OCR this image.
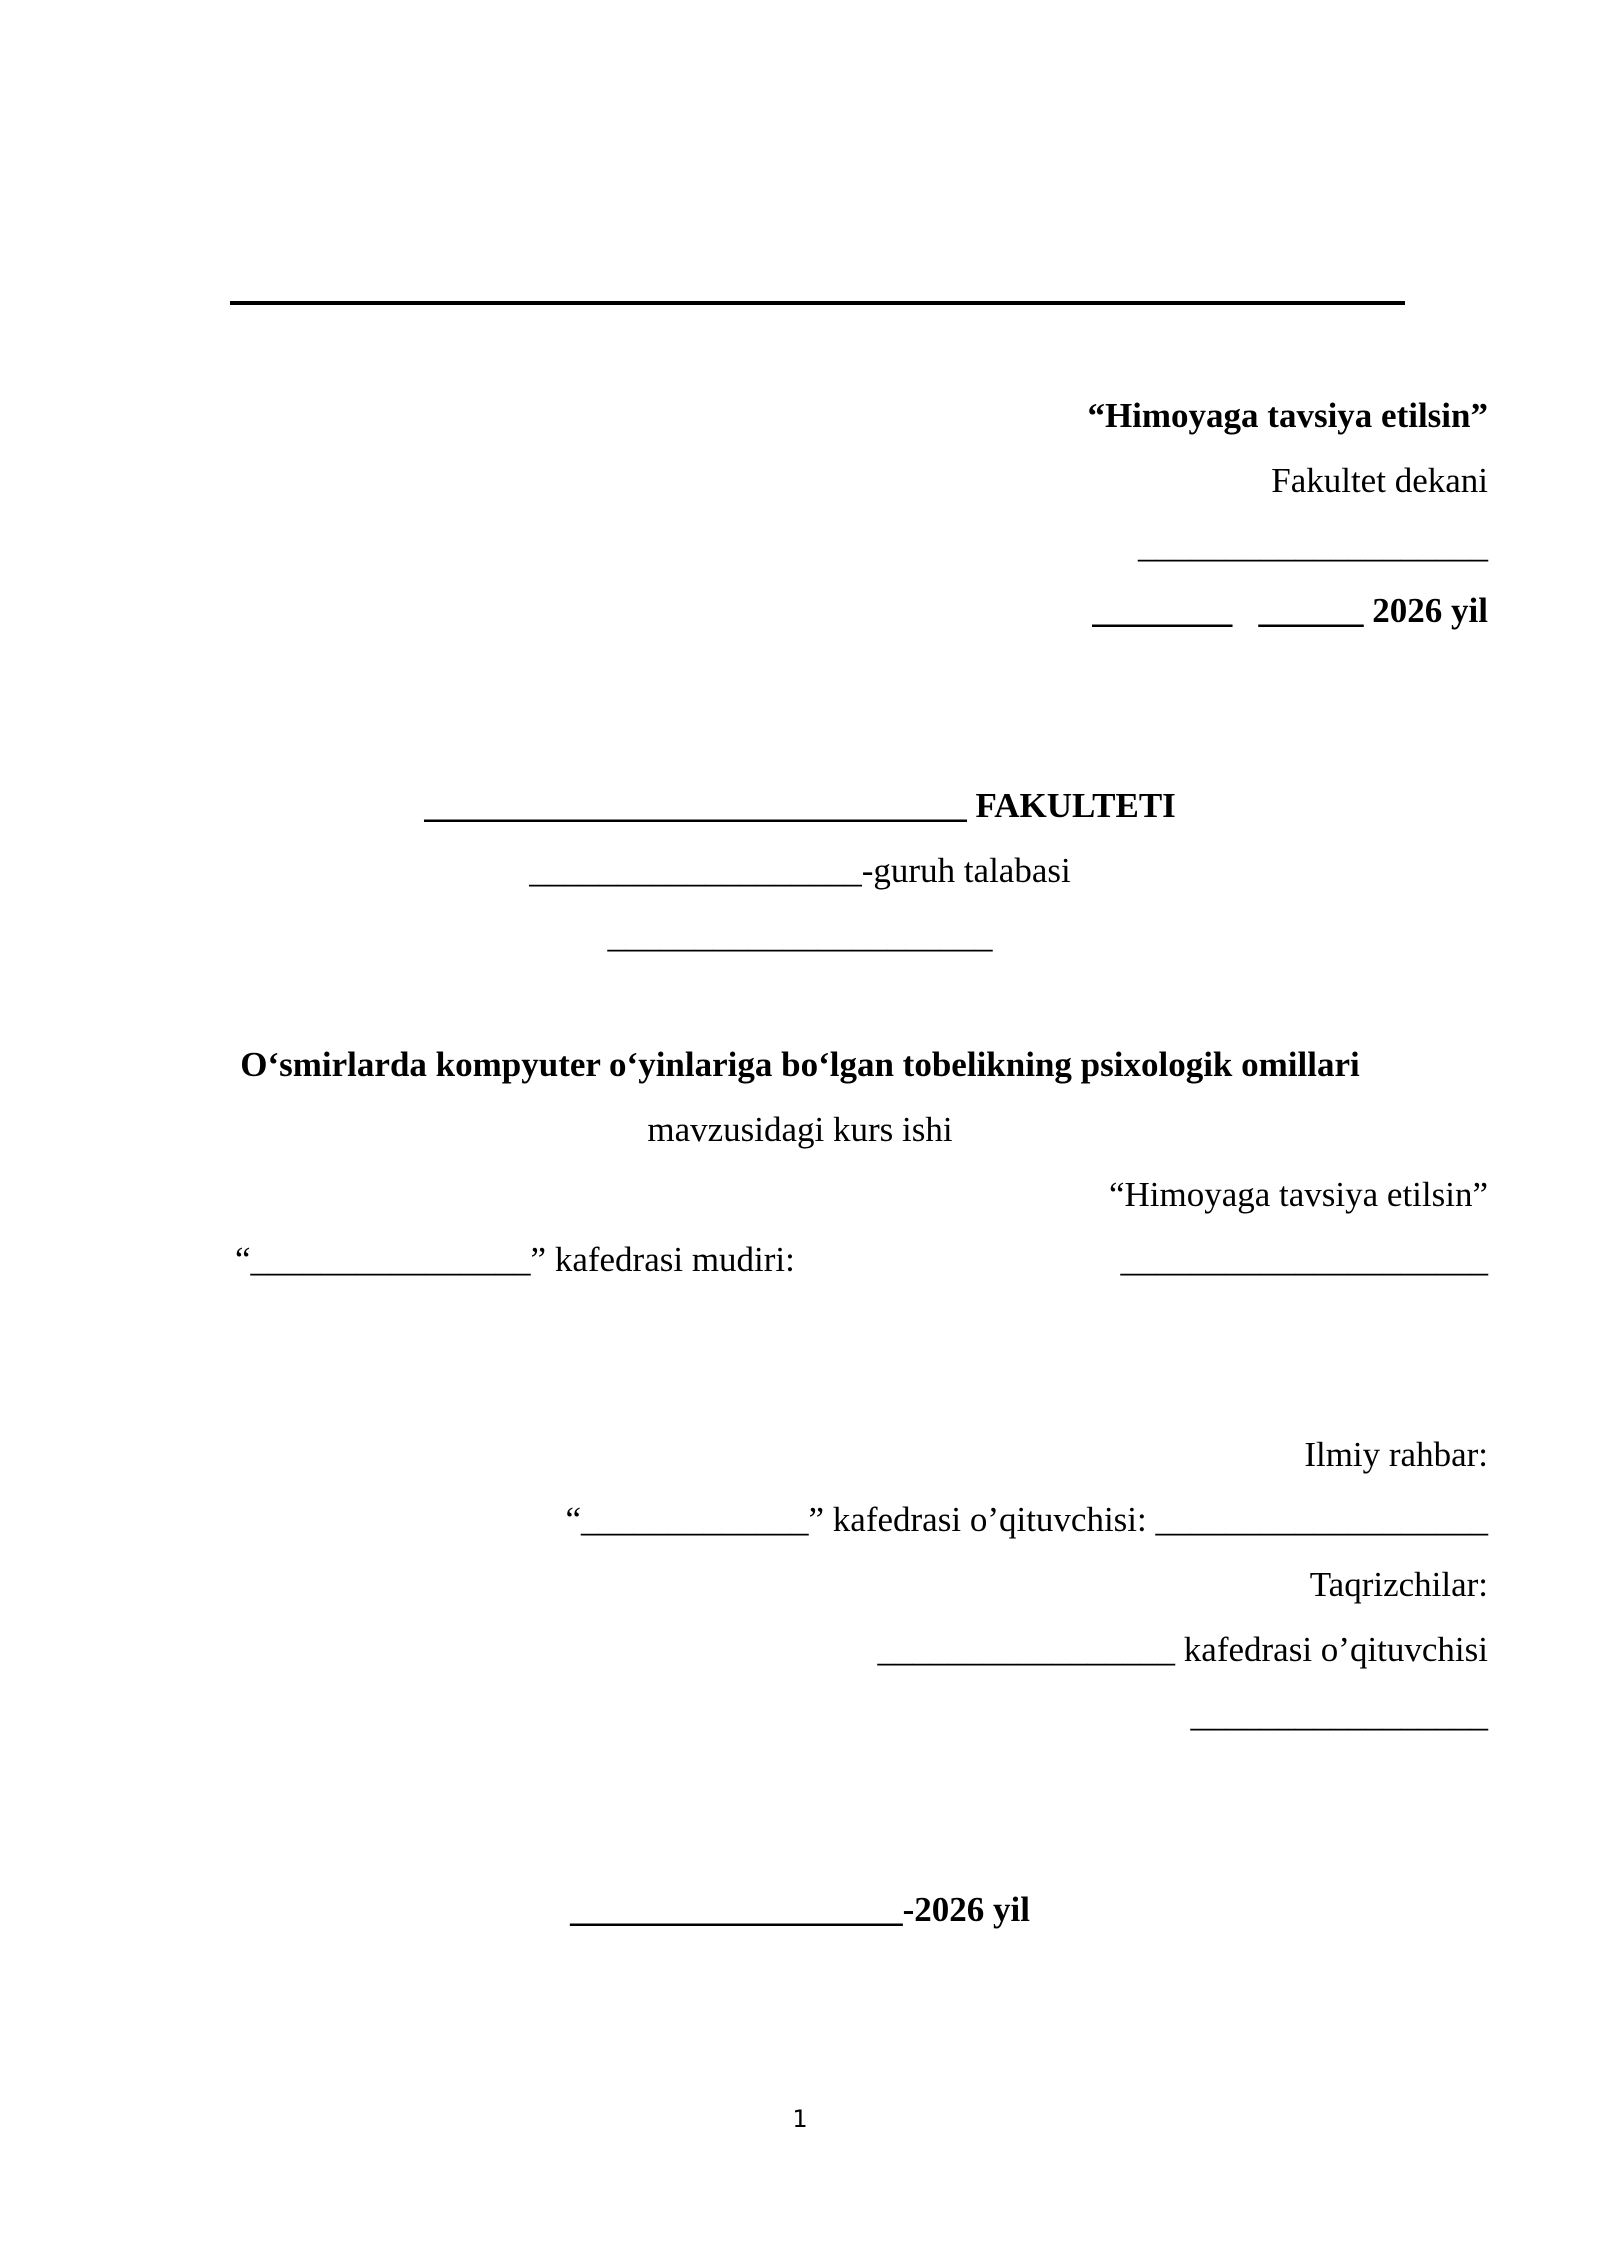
“Himoyaga tavsiya etilsin”
Fakultet dekani
____________________
________   ______ 2026 yil
_______________________________ FAKULTETI
___________________-guruh talabasi
______________________
O‘smirlarda kompyuter o‘yinlariga bo‘lgan tobelikning psixologik omillari
mavzusidagi kurs ishi
“Himoyaga tavsiya etilsin”
“________________” kafedrasi mudiri:	_____________________
Ilmiy rahbar:
“_____________” kafedrasi o’qituvchisi: ___________________
Taqrizchilar:
_________________ kafedrasi o’qituvchisi
_________________
___________________-2026 yil
1
